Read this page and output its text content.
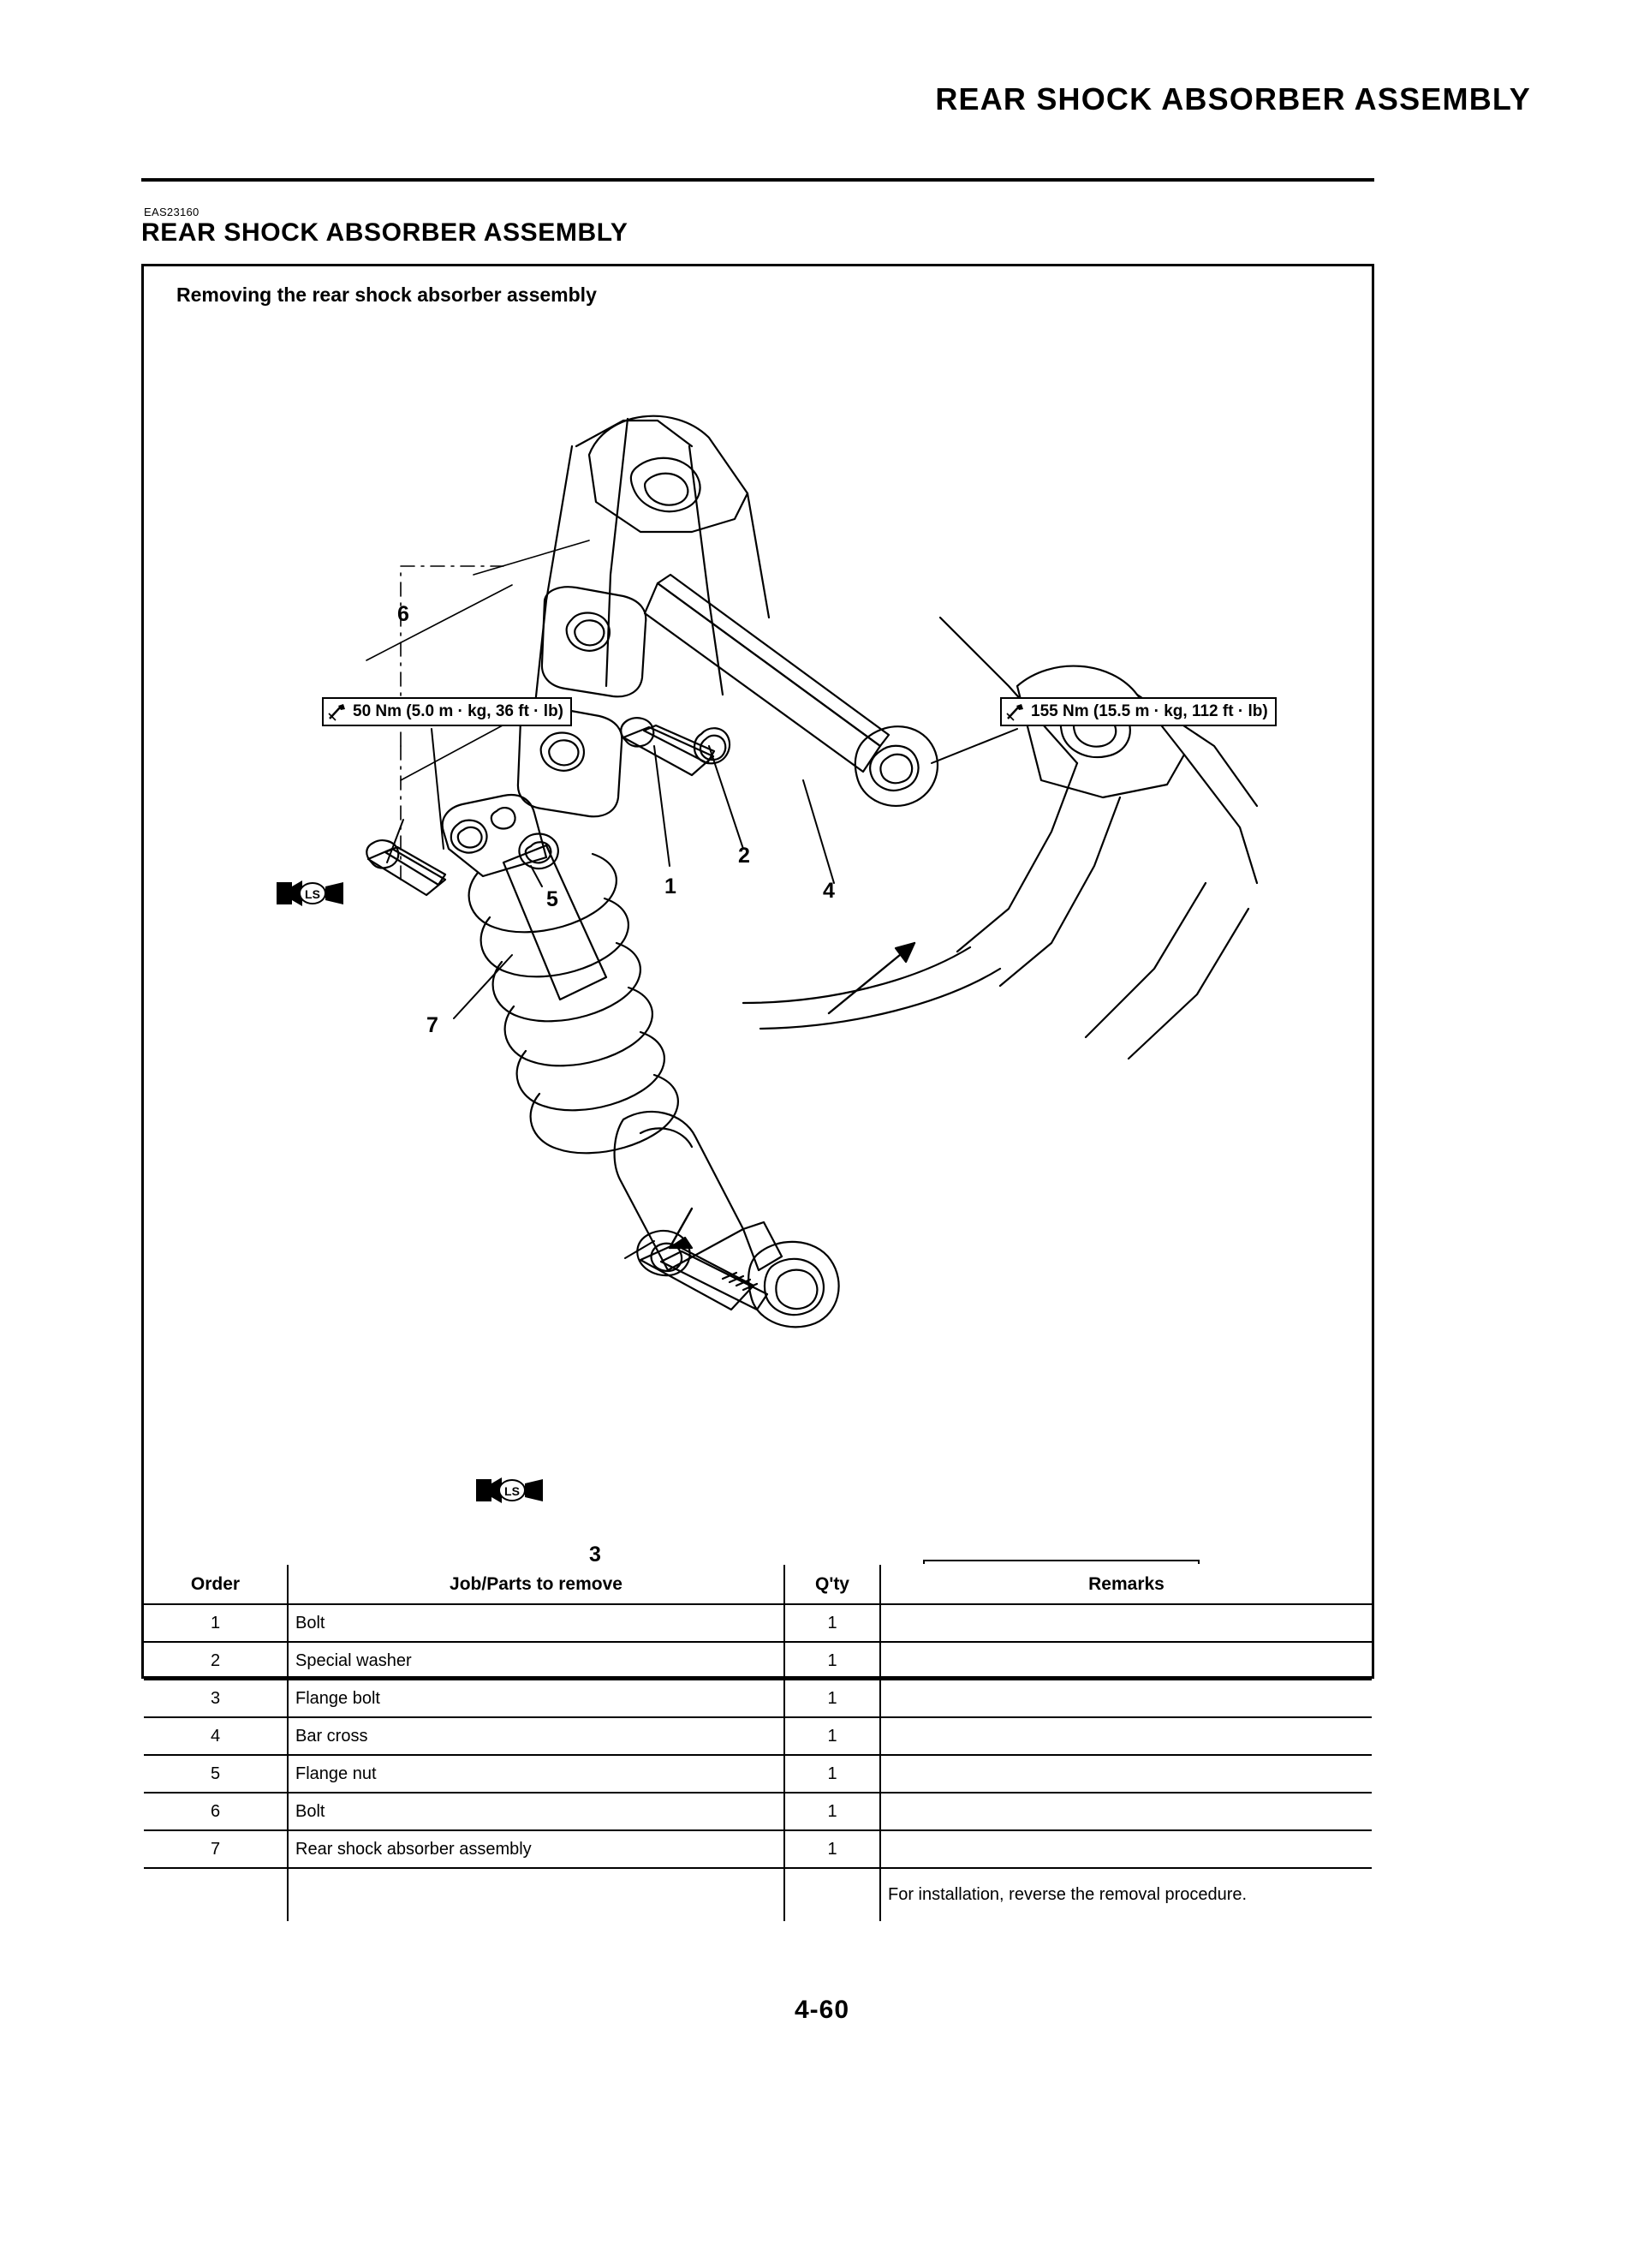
REAR SHOCK ABSORBER ASSEMBLY
EAS23160
REAR SHOCK ABSORBER ASSEMBLY
Removing the rear shock absorber assembly
50 Nm (5.0 m · kg, 36 ft · lb)	155 Nm (15.5 m · kg, 112 ft · lb)
LS
LS
6
5
1
2
4
7
3
Order	Job/Parts to remove	Q'ty	Remarks
1	Bolt	1	
2	Special washer	1	
3	Flange bolt	1	
4	Bar cross	1	
5	Flange nut	1	
6	Bolt	1	
7	Rear shock absorber assembly	1	
			For installation, reverse the removal procedure.
4-60
